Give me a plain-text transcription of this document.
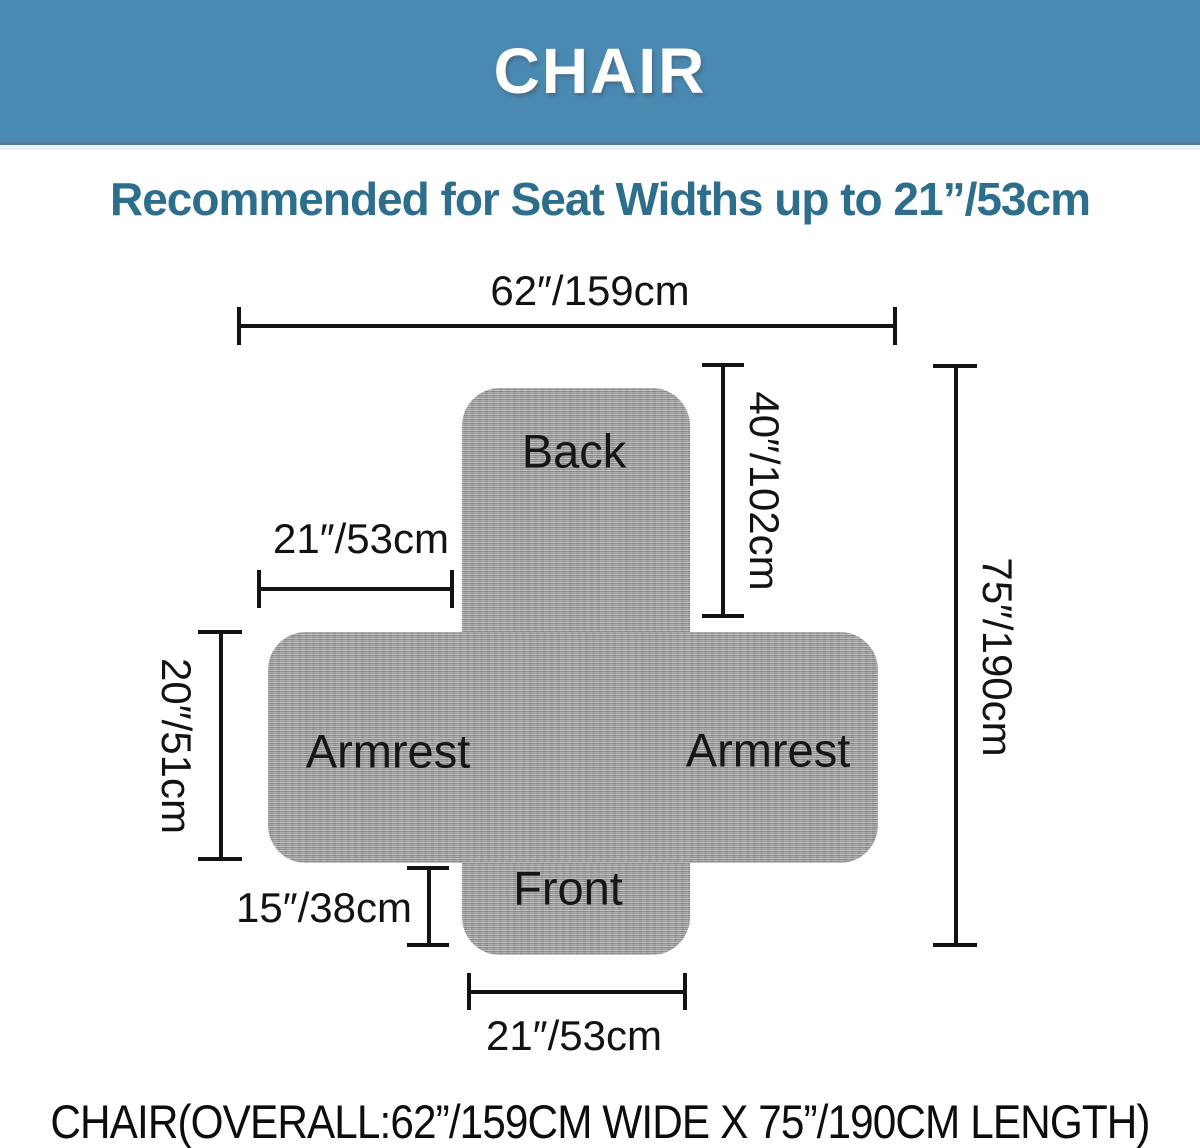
CHAIR
Recommended for Seat Widths up to 21”/53cm
Back
Armrest	Armrest
Front
62″/159cm
40″/102cm
75″/190cm
21″/53cm
20″/51cm
15″/38cm
21″/53cm
CHAIR(OVERALL:62”/159CM WIDE X 75”/190CM LENGTH)
